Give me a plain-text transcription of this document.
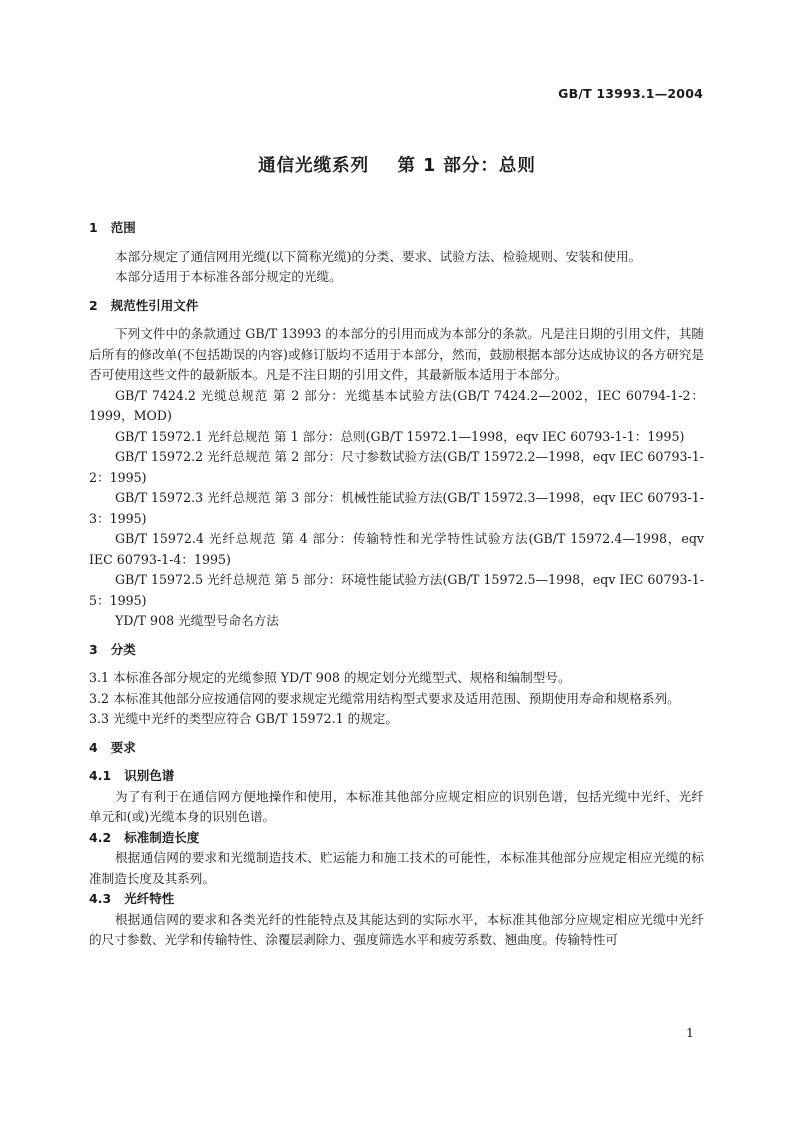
GB/T 13993.1—2004
通信光缆系列    第 1 部分：总则
1   范围

本部分规定了通信网用光缆(以下简称光缆)的分类、要求、试验方法、检验规则、安装和使用。

本部分适用于本标准各部分规定的光缆。

2   规范性引用文件

下列文件中的条款通过 GB/T 13993 的本部分的引用而成为本部分的条款。凡是注日期的引用文件，其随后所有的修改单(不包括勘误的内容)或修订版均不适用于本部分，然而，鼓励根据本部分达成协议的各方研究是否可使用这些文件的最新版本。凡是不注日期的引用文件，其最新版本适用于本部分。

GB/T 7424.2 光缆总规范 第 2 部分：光缆基本试验方法(GB/T 7424.2—2002，IEC 60794-1-2：1999，MOD)

GB/T 15972.1 光纤总规范 第 1 部分：总则(GB/T 15972.1—1998，eqv IEC 60793-1-1：1995)

GB/T 15972.2 光纤总规范 第 2 部分：尺寸参数试验方法(GB/T 15972.2—1998，eqv IEC 60793-1-2：1995)

GB/T 15972.3 光纤总规范 第 3 部分：机械性能试验方法(GB/T 15972.3—1998，eqv IEC 60793-1-3：1995)

GB/T 15972.4 光纤总规范 第 4 部分：传输特性和光学特性试验方法(GB/T 15972.4—1998，eqv IEC 60793-1-4：1995)

GB/T 15972.5 光纤总规范 第 5 部分：环境性能试验方法(GB/T 15972.5—1998，eqv IEC 60793-1-5：1995)

YD/T 908 光缆型号命名方法

3   分类

3.1 本标准各部分规定的光缆参照 YD/T 908 的规定划分光缆型式、规格和编制型号。

3.2 本标准其他部分应按通信网的要求规定光缆常用结构型式要求及适用范围、预期使用寿命和规格系列。

3.3 光缆中光纤的类型应符合 GB/T 15972.1 的规定。

4   要求
4.1   识别色谱

为了有利于在通信网方便地操作和使用，本标准其他部分应规定相应的识别色谱，包括光缆中光纤、光纤单元和(或)光缆本身的识别色谱。

4.2   标准制造长度

根据通信网的要求和光缆制造技术、贮运能力和施工技术的可能性，本标准其他部分应规定相应光缆的标准制造长度及其系列。

4.3   光纤特性

根据通信网的要求和各类光纤的性能特点及其能达到的实际水平，本标准其他部分应规定相应光缆中光纤的尺寸参数、光学和传输特性、涂覆层剥除力、强度筛选水平和疲劳系数、翘曲度。传输特性可

1
